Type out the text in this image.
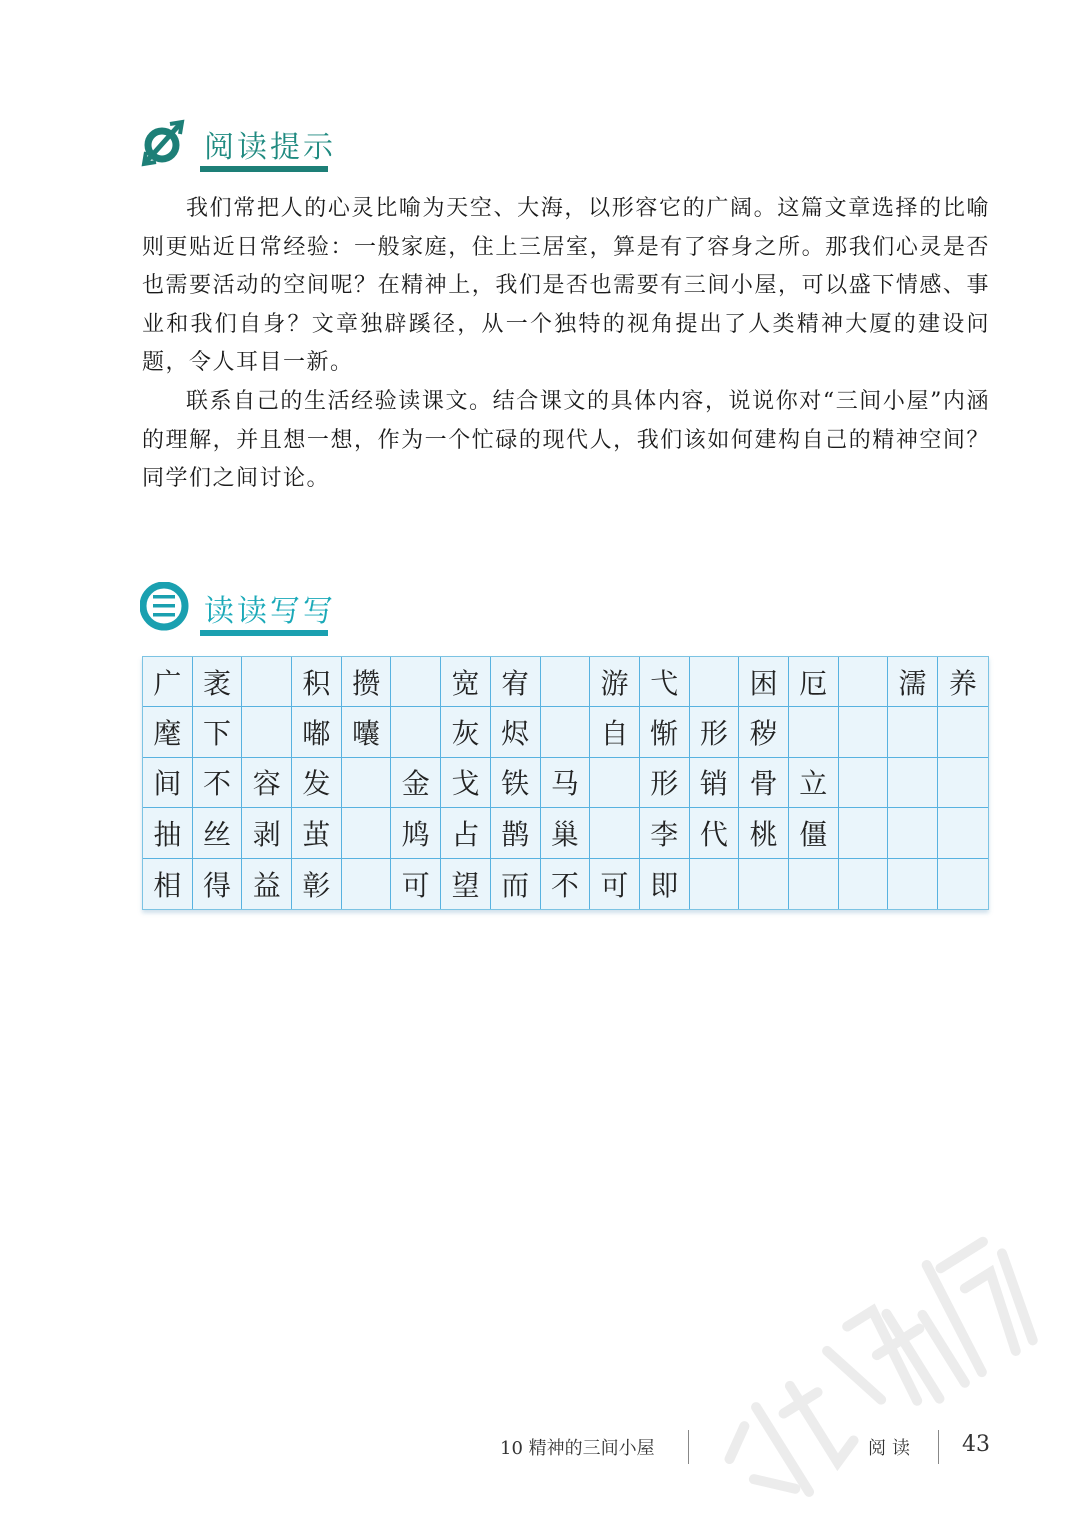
阅读提示

我们常把人的心灵比喻为天空、大海，以形容它的广阔。这篇文章选择的比喻则更贴近日常经验：一般家庭，住上三居室，算是有了容身之所。那我们心灵是否也需要活动的空间呢？在精神上，我们是否也需要有三间小屋，可以盛下情感、事业和我们自身？文章独辟蹊径，从一个独特的视角提出了人类精神大厦的建设问题，令人耳目一新。

联系自己的生活经验读课文。结合课文的具体内容，说说你对“三间小屋”内涵的理解，并且想一想，作为一个忙碌的现代人，我们该如何建构自己的精神空间？同学们之间讨论。

读读写写
广 袤	积 攒	宽 宥	游 弋	困 厄	濡 养
麾 下	嘟 囔	灰 烬	自 惭 形 秽
间 不 容 发	金 戈 铁 马	形 销 骨 立
抽 丝 剥 茧	鸠 占 鹊 巢	李 代 桃 僵
相 得 益 彰	可 望 而 不 可 即
10 精神的三间小屋	阅读 43
